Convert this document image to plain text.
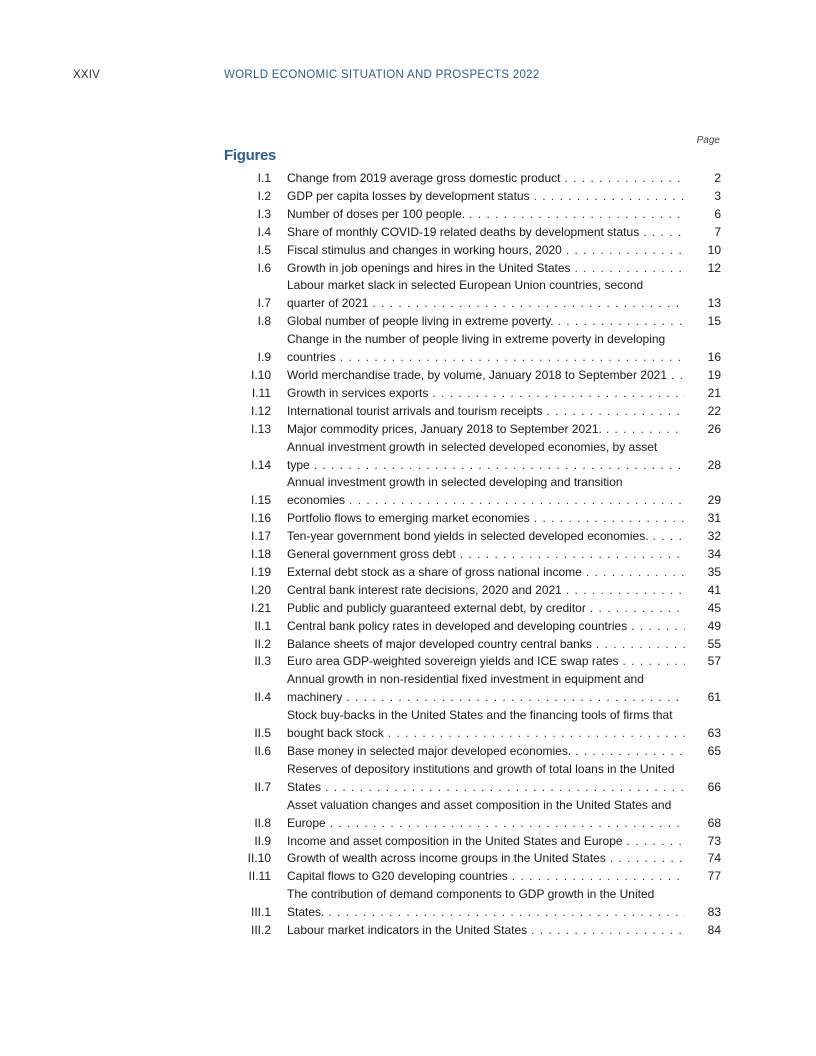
XXIV	WORLD ECONOMIC SITUATION AND PROSPECTS 2022
Page
Figures
I.1 Change from 2019 average gross domestic product . . .	2
I.2 GDP per capita losses by development status . . .	3
I.3 Number of doses per 100 people. . . .	6
I.4 Share of monthly COVID-19 related deaths by development status . . .	7
I.5 Fiscal stimulus and changes in working hours, 2020 . . .	10
I.6 Growth in job openings and hires in the United States . . .	12
I.7
Labour market slack in selected European Union countries, second
quarter of 2021 . . .	13
I.8 Global number of people living in extreme poverty. . . .	15
I.9
Change in the number of people living in extreme poverty in developing
countries . . .	16
I.10 World merchandise trade, by volume, January 2018 to September 2021 . . .	19
I.11 Growth in services exports . . .	21
I.12 International tourist arrivals and tourism receipts . . .	22
I.13 Major commodity prices, January 2018 to September 2021. . . .	26
I.14
Annual investment growth in selected developed economies, by asset
type . . .	28
I.15
Annual investment growth in selected developing and transition
economies . . .	29
I.16 Portfolio flows to emerging market economies . . .	31
I.17 Ten-year government bond yields in selected developed economies. . . .	32
I.18 General government gross debt . . .	34
I.19 External debt stock as a share of gross national income . . .	35
I.20 Central bank interest rate decisions, 2020 and 2021 . . .	41
I.21 Public and publicly guaranteed external debt, by creditor . . .	45
II.1 Central bank policy rates in developed and developing countries . . .	49
II.2 Balance sheets of major developed country central banks . . .	55
II.3 Euro area GDP-weighted sovereign yields and ICE swap rates . . .	57
II.4
Annual growth in non-residential fixed investment in equipment and
machinery . . .	61
II.5
Stock buy-backs in the United States and the financing tools of firms that
bought back stock . . .	63
II.6 Base money in selected major developed economies. . . .	65
II.7
Reserves of depository institutions and growth of total loans in the United
States . . .	66
II.8
Asset valuation changes and asset composition in the United States and
Europe . . .	68
II.9 Income and asset composition in the United States and Europe . . .	73
II.10 Growth of wealth across income groups in the United States . . .	74
II.11 Capital flows to G20 developing countries . . .	77
III.1
The contribution of demand components to GDP growth in the United
States. . . .	83
III.2 Labour market indicators in the United States . . .	84
